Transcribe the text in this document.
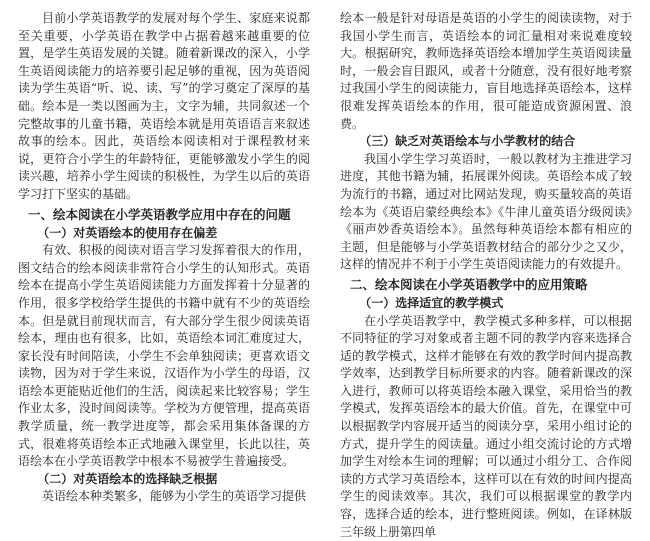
目前小学英语教学的发展对每个学生、家庭来说都至关重要，小学英语在教学中占据着越来越重要的位置，是学生英语发展的关键。随着新课改的深入，小学生英语阅读能力的培养要引起足够的重视，因为英语阅读为学生英语“听、说、读、写”的学习奠定了深厚的基础。绘本是一类以图画为主，文字为辅，共同叙述一个完整故事的儿童书籍，英语绘本就是用英语语言来叙述故事的绘本。因此，英语绘本阅读相对于课程教材来说，更符合小学生的年龄特征，更能够激发小学生的阅读兴趣，培养小学生阅读的积极性，为学生以后的英语学习打下坚实的基础。

一、绘本阅读在小学英语教学应用中存在的问题
（一）对英语绘本的使用存在偏差

有效、积极的阅读对语言学习发挥着很大的作用，图文结合的绘本阅读非常符合小学生的认知形式。英语绘本在提高小学生英语阅读能力方面发挥着十分显著的作用，很多学校给学生提供的书籍中就有不少的英语绘本。但是就目前现状而言，有大部分学生很少阅读英语绘本，理由也有很多，比如，英语绘本词汇难度过大，家长没有时间陪读，小学生不会单独阅读；更喜欢语文读物，因为对于学生来说，汉语作为小学生的母语，汉语绘本更能贴近他们的生活，阅读起来比较容易；学生作业太多，没时间阅读等。学校为方便管理，提高英语教学质量，统一教学进度等，都会采用集体备课的方式，很难将英语绘本正式地融入课堂里，长此以往，英语绘本在小学英语教学中根本不易被学生普遍接受。

（二）对英语绘本的选择缺乏根据

英语绘本种类繁多，能够为小学生的英语学习提供

绘本一般是针对母语是英语的小学生的阅读读物，对于我国小学生而言，英语绘本的词汇量相对来说难度较大。根据研究，教师选择英语绘本增加学生英语阅读量时，一般会盲目跟风，或者十分随意，没有很好地考察过我国小学生的阅读能力，盲目地选择英语绘本，这样很难发挥英语绘本的作用，很可能造成资源闲置、浪费。

（三）缺乏对英语绘本与小学教材的结合

我国小学生学习英语时，一般以教材为主推进学习进度，其他书籍为辅，拓展课外阅读。英语绘本成了较为流行的书籍，通过对比网站发现，购买量较高的英语绘本为《英语启蒙经典绘本》《牛津儿童英语分级阅读》《丽声妙香英语绘本》。虽然每种英语绘本都有相应的主题，但是能够与小学英语教材结合的部分少之又少，这样的情况并不利于小学生英语阅读能力的有效提升。

二、绘本阅读在小学英语教学中的应用策略
（一）选择适宜的教学模式

在小学英语教学中，教学模式多种多样，可以根据不同特征的学习对象或者主题不同的教学内容来选择合适的教学模式，这样才能够在有效的教学时间内提高教学效率，达到教学目标所要求的内容。随着新课改的深入进行，教师可以将英语绘本融入课堂，采用恰当的教学模式，发挥英语绘本的最大价值。首先，在课堂中可以根据教学内容展开适当的阅读分享，采用小组讨论的方式，提升学生的阅读量。通过小组交流讨论的方式增加学生对绘本生词的理解；可以通过小组分工、合作阅读的方式学习英语绘本，这样可以在有效的时间内提高学生的阅读效率。其次，我们可以根据课堂的教学内容，选择合适的绘本，进行整班阅读。例如，在译林版三年级上册第四单
